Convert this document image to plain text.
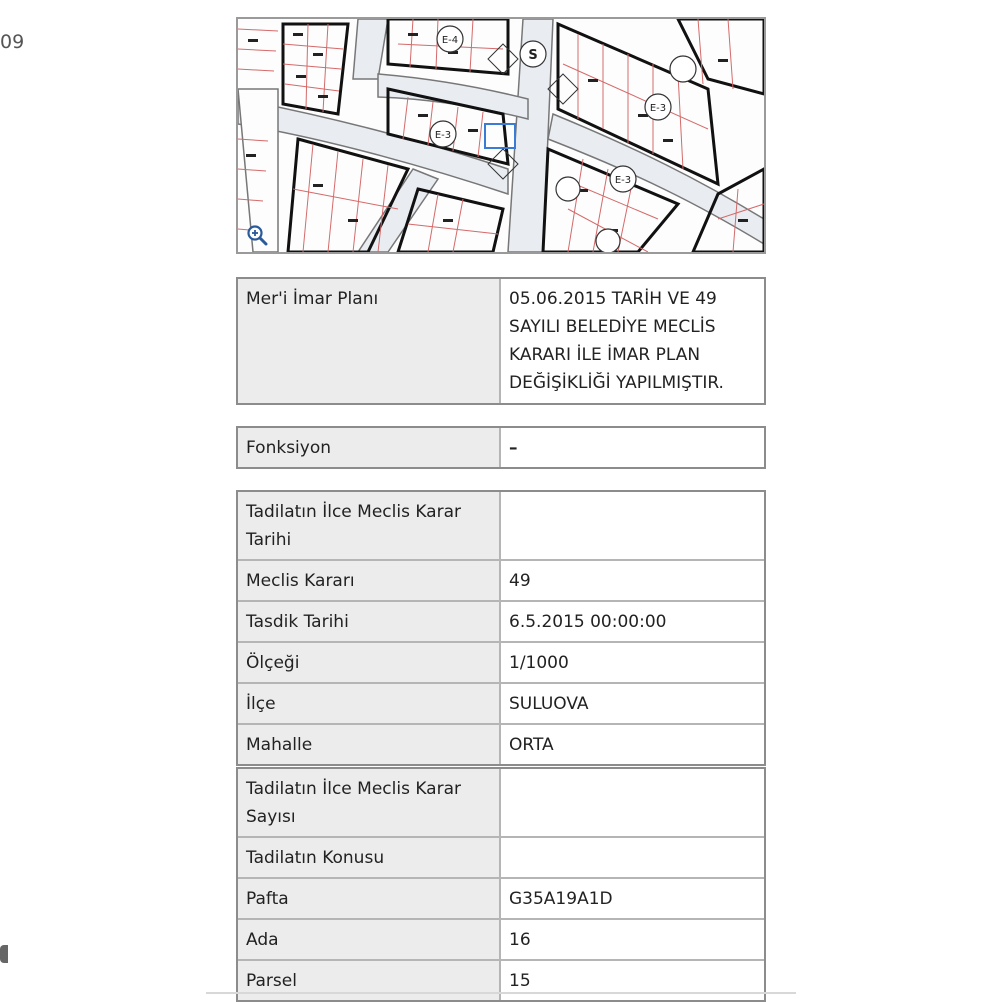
09	E-4
S
E-3
E-3
E-3
Mer'i İmar Planı	05.06.2015 TARİH VE 49 SAYILI BELEDİYE MECLİS KARARI İLE İMAR PLAN DEĞİŞİKLİĞİ YAPILMIŞTIR.
Fonksiyon	–
Tadilatın İlce Meclis Karar Tarihi	
Meclis Kararı	49
Tasdik Tarihi	6.5.2015 00:00:00
Ölçeği	1/1000
İlçe	SULUOVA
Mahalle	ORTA
Tadilatın İlce Meclis Karar Sayısı	
Tadilatın Konusu	
Pafta	G35A19A1D
Ada	16
Parsel	15
